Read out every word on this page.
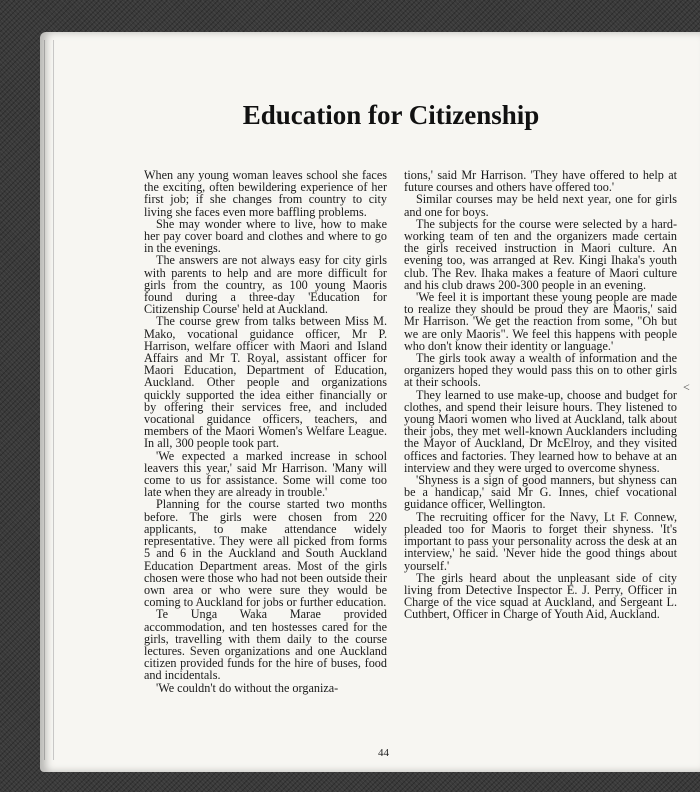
Education for Citizenship

When any young woman leaves school she faces the exciting, often bewildering experience of her first job; if she changes from country to city living she faces even more baffling problems.

She may wonder where to live, how to make her pay cover board and clothes and where to go in the evenings.

The answers are not always easy for city girls with parents to help and are more difficult for girls from the country, as 100 young Maoris found during a three-day 'Education for Citizenship Course' held at Auckland.

The course grew from talks between Miss M. Mako, vocational guidance officer, Mr P. Harrison, welfare officer with Maori and Island Affairs and Mr T. Royal, assistant officer for Maori Education, Department of Education, Auckland. Other people and organizations quickly supported the idea either financially or by offering their services free, and included vocational guidance officers, teachers, and members of the Maori Women's Welfare League. In all, 300 people took part.

'We expected a marked increase in school leavers this year,' said Mr Harrison. 'Many will come to us for assistance. Some will come too late when they are already in trouble.'

Planning for the course started two months before. The girls were chosen from 220 applicants, to make attendance widely representative. They were all picked from forms 5 and 6 in the Auckland and South Auckland Education Department areas. Most of the girls chosen were those who had not been outside their own area or who were sure they would be coming to Auckland for jobs or further education.

Te Unga Waka Marae provided accommodation, and ten hostesses cared for the girls, travelling with them daily to the course lectures. Seven organizations and one Auckland citizen provided funds for the hire of buses, food and incidentals.

'We couldn't do without the organiza-

tions,' said Mr Harrison. 'They have offered to help at future courses and others have offered too.'

Similar courses may be held next year, one for girls and one for boys.

The subjects for the course were selected by a hard-working team of ten and the organizers made certain the girls received instruction in Maori culture. An evening too, was arranged at Rev. Kingi Ihaka's youth club. The Rev. Ihaka makes a feature of Maori culture and his club draws 200-300 people in an evening.

'We feel it is important these young people are made to realize they should be proud they are Maoris,' said Mr Harrison. 'We get the reaction from some, "Oh but we are only Maoris". We feel this happens with people who don't know their identity or language.'

The girls took away a wealth of information and the organizers hoped they would pass this on to other girls at their schools.

They learned to use make-up, choose and budget for clothes, and spend their leisure hours. They listened to young Maori women who lived at Auckland, talk about their jobs, they met well-known Aucklanders including the Mayor of Auckland, Dr McElroy, and they visited offices and factories. They learned how to behave at an interview and they were urged to overcome shyness.

'Shyness is a sign of good manners, but shyness can be a handicap,' said Mr G. Innes, chief vocational guidance officer, Wellington.

The recruiting officer for the Navy, Lt F. Connew, pleaded too for Maoris to forget their shyness. 'It's important to pass your personality across the desk at an interview,' he said. 'Never hide the good things about yourself.'

The girls heard about the unpleasant side of city living from Detective Inspector E. J. Perry, Officer in Charge of the vice squad at Auckland, and Sergeant L. Cuthbert, Officer in Charge of Youth Aid, Auckland.

44
<
